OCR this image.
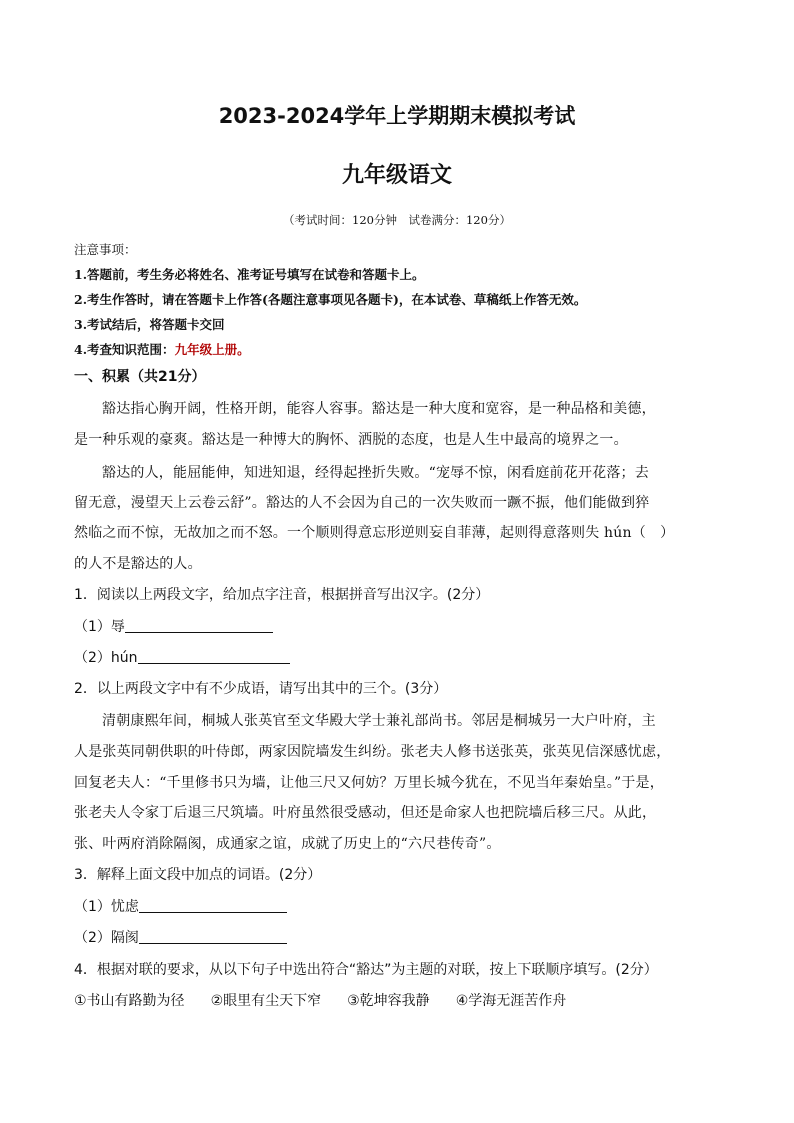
2023-2024学年上学期期末模拟考试
九年级语文
（考试时间：120分钟　试卷满分：120分）
注意事项：
1.答题前，考生务必将姓名、准考证号填写在试卷和答题卡上。
2.考生作答时，请在答题卡上作答(各题注意事项见各题卡)，在本试卷、草稿纸上作答无效。
3.考试结后，将答题卡交回
4.考查知识范围：九年级上册。
一、积累（共21分）
豁达指心胸开阔，性格开朗，能容人容事。豁达是一种大度和宽容，是一种品格和美德，
是一种乐观的豪爽。豁达是一种博大的胸怀、洒脱的态度，也是人生中最高的境界之一。
豁达的人，能屈能伸，知进知退，经得起挫折失败。“宠辱不惊，闲看庭前花开花落；去
留无意，漫望天上云卷云舒”。豁达的人不会因为自己的一次失败而一蹶不振，他们能做到猝
然临之而不惊，无故加之而不怒。一个顺则得意忘形逆则妄自菲薄，起则得意落则失 hún（　）
的人不是豁达的人。
1．阅读以上两段文字，给加点字注音，根据拼音写出汉字。(2分）
（1）辱
（2）hún
2．以上两段文字中有不少成语，请写出其中的三个。(3分）
清朝康熙年间，桐城人张英官至文华殿大学士兼礼部尚书。邻居是桐城另一大户叶府，主
人是张英同朝供职的叶侍郎，两家因院墙发生纠纷。张老夫人修书送张英，张英见信深感忧虑，
回复老夫人：“千里修书只为墙，让他三尺又何妨？万里长城今犹在，不见当年秦始皇。”于是，
张老夫人令家丁后退三尺筑墙。叶府虽然很受感动，但还是命家人也把院墙后移三尺。从此，
张、叶两府消除隔阂，成通家之谊，成就了历史上的“六尺巷传奇”。
3．解释上面文段中加点的词语。(2分）
（1）忧虑
（2）隔阂
4．根据对联的要求，从以下句子中选出符合“豁达”为主题的对联，按上下联顺序填写。(2分）
①书山有路勤为径 ②眼里有尘天下窄 ③乾坤容我静 ④学海无涯苦作舟
